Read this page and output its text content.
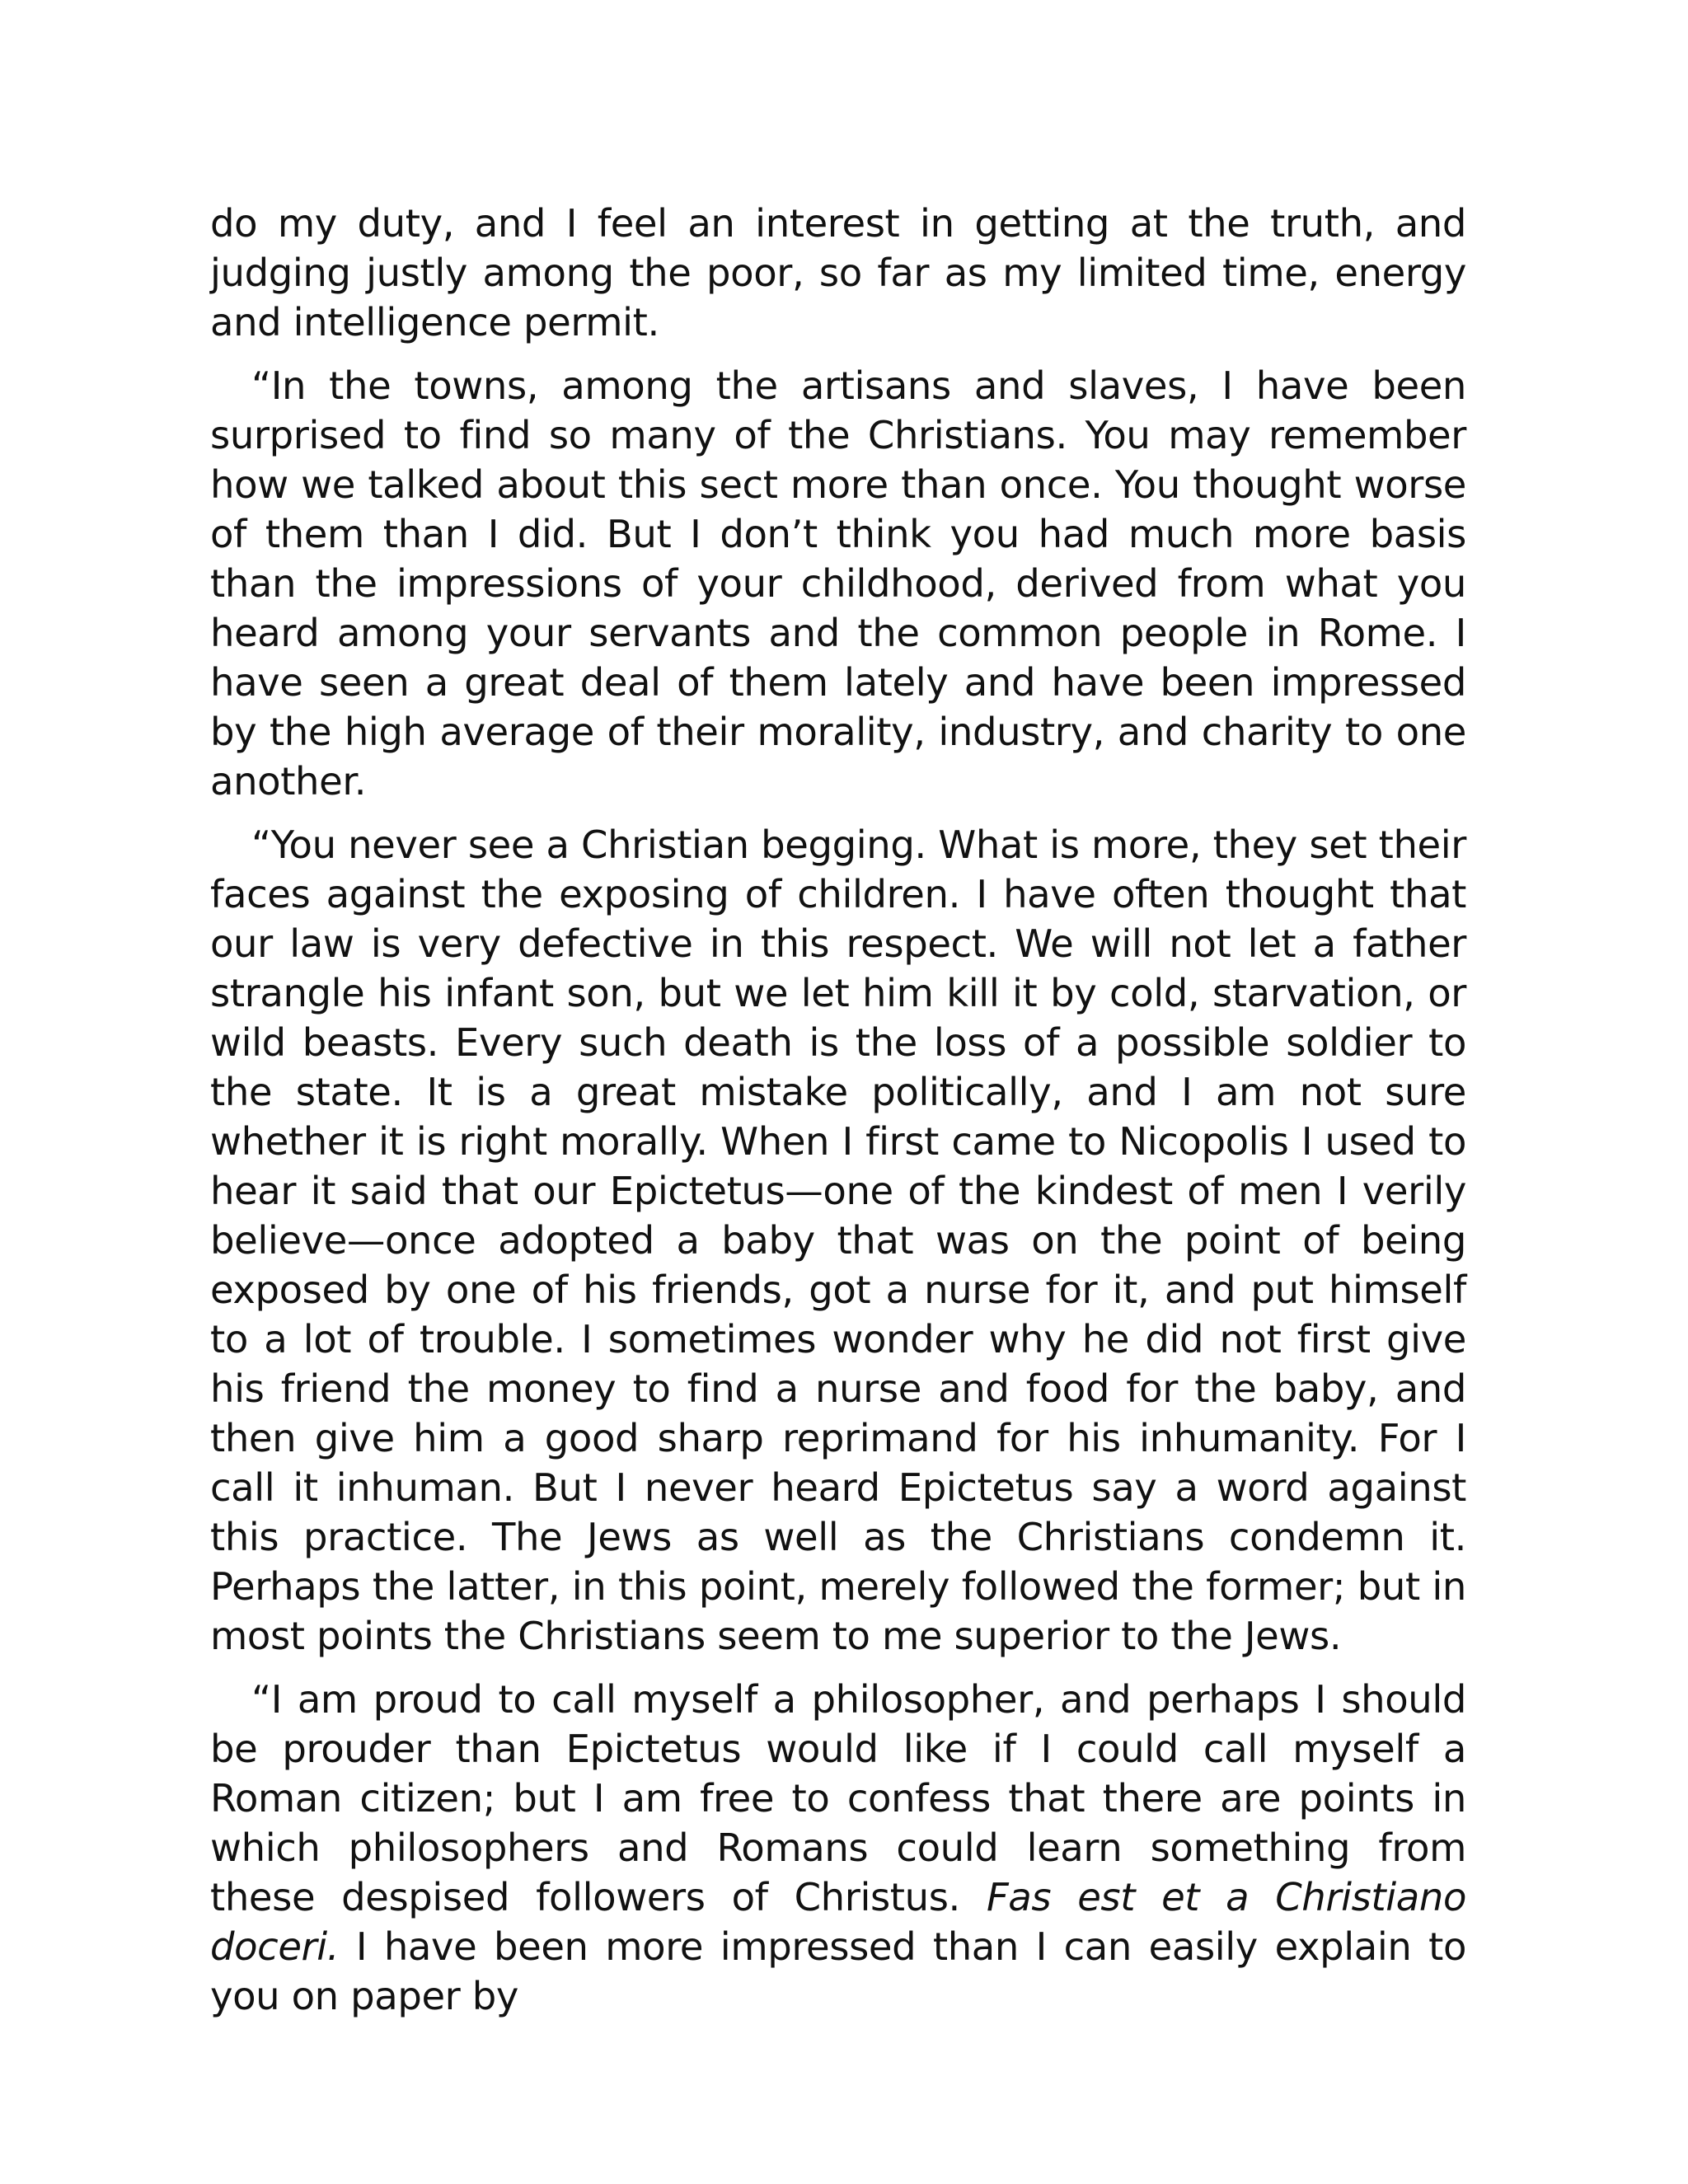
do my duty, and I feel an interest in getting at the truth, and judging justly among the poor, so far as my limited time, energy and intelligence permit.

“In the towns, among the artisans and slaves, I have been surprised to find so many of the Christians. You may remember how we talked about this sect more than once. You thought worse of them than I did. But I don’t think you had much more basis than the impressions of your childhood, derived from what you heard among your servants and the common people in Rome. I have seen a great deal of them lately and have been impressed by the high average of their morality, industry, and charity to one another.

“You never see a Christian begging. What is more, they set their faces against the exposing of children. I have often thought that our law is very defective in this respect. We will not let a father strangle his infant son, but we let him kill it by cold, starvation, or wild beasts. Every such death is the loss of a possible soldier to the state. It is a great mistake politically, and I am not sure whether it is right morally. When I first came to Nicopolis I used to hear it said that our Epictetus—one of the kindest of men I verily believe—once adopted a baby that was on the point of being exposed by one of his friends, got a nurse for it, and put himself to a lot of trouble. I sometimes wonder why he did not first give his friend the money to find a nurse and food for the baby, and then give him a good sharp reprimand for his inhumanity. For I call it inhuman. But I never heard Epictetus say a word against this practice. The Jews as well as the Christians condemn it. Perhaps the latter, in this point, merely followed the former; but in most points the Christians seem to me superior to the Jews.

“I am proud to call myself a philosopher, and perhaps I should be prouder than Epictetus would like if I could call myself a Roman citizen; but I am free to confess that there are points in which philosophers and Romans could learn something from these despised followers of Christus. Fas est et a Christiano doceri. I have been more impressed than I can easily explain to you on paper by
